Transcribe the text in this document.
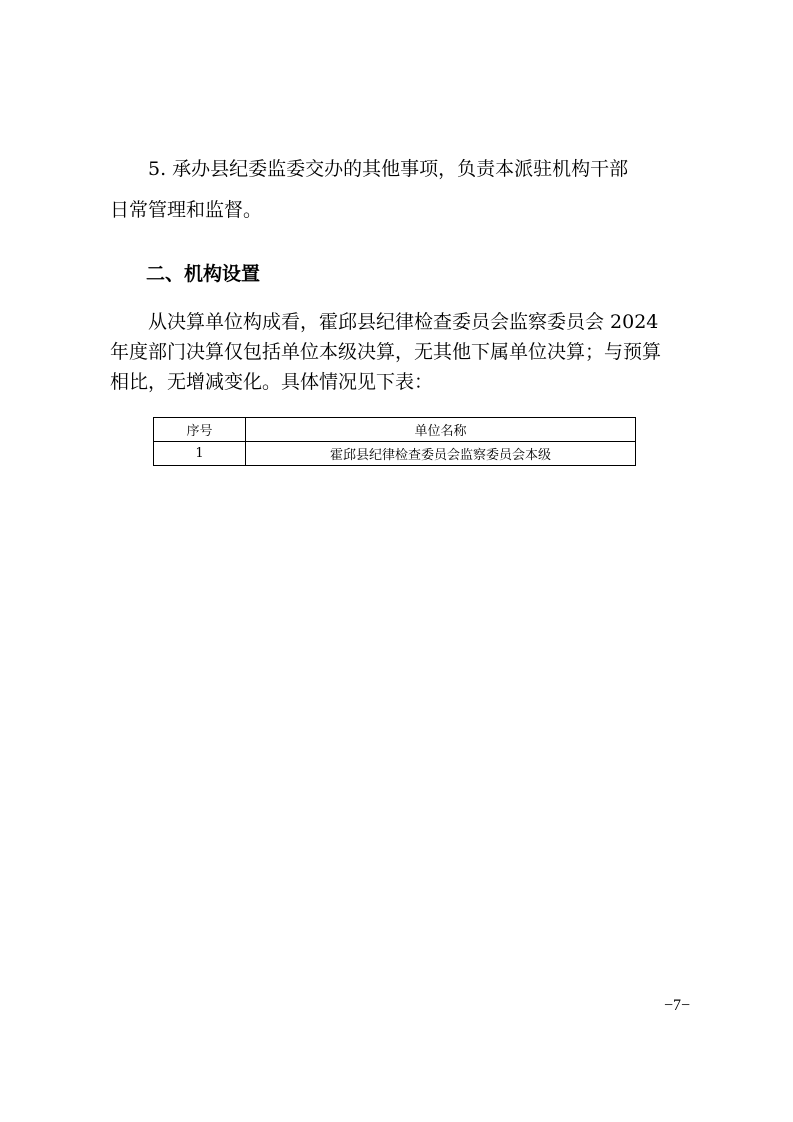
5. 承办县纪委监委交办的其他事项，负责本派驻机构干部
日常管理和监督。
二、机构设置
从决算单位构成看，霍邱县纪律检查委员会监察委员会 2024
年度部门决算仅包括单位本级决算，无其他下属单位决算；与预算
相比，无增减变化。具体情况见下表：
序号	单位名称
1	霍邱县纪律检查委员会监察委员会本级
−7−
